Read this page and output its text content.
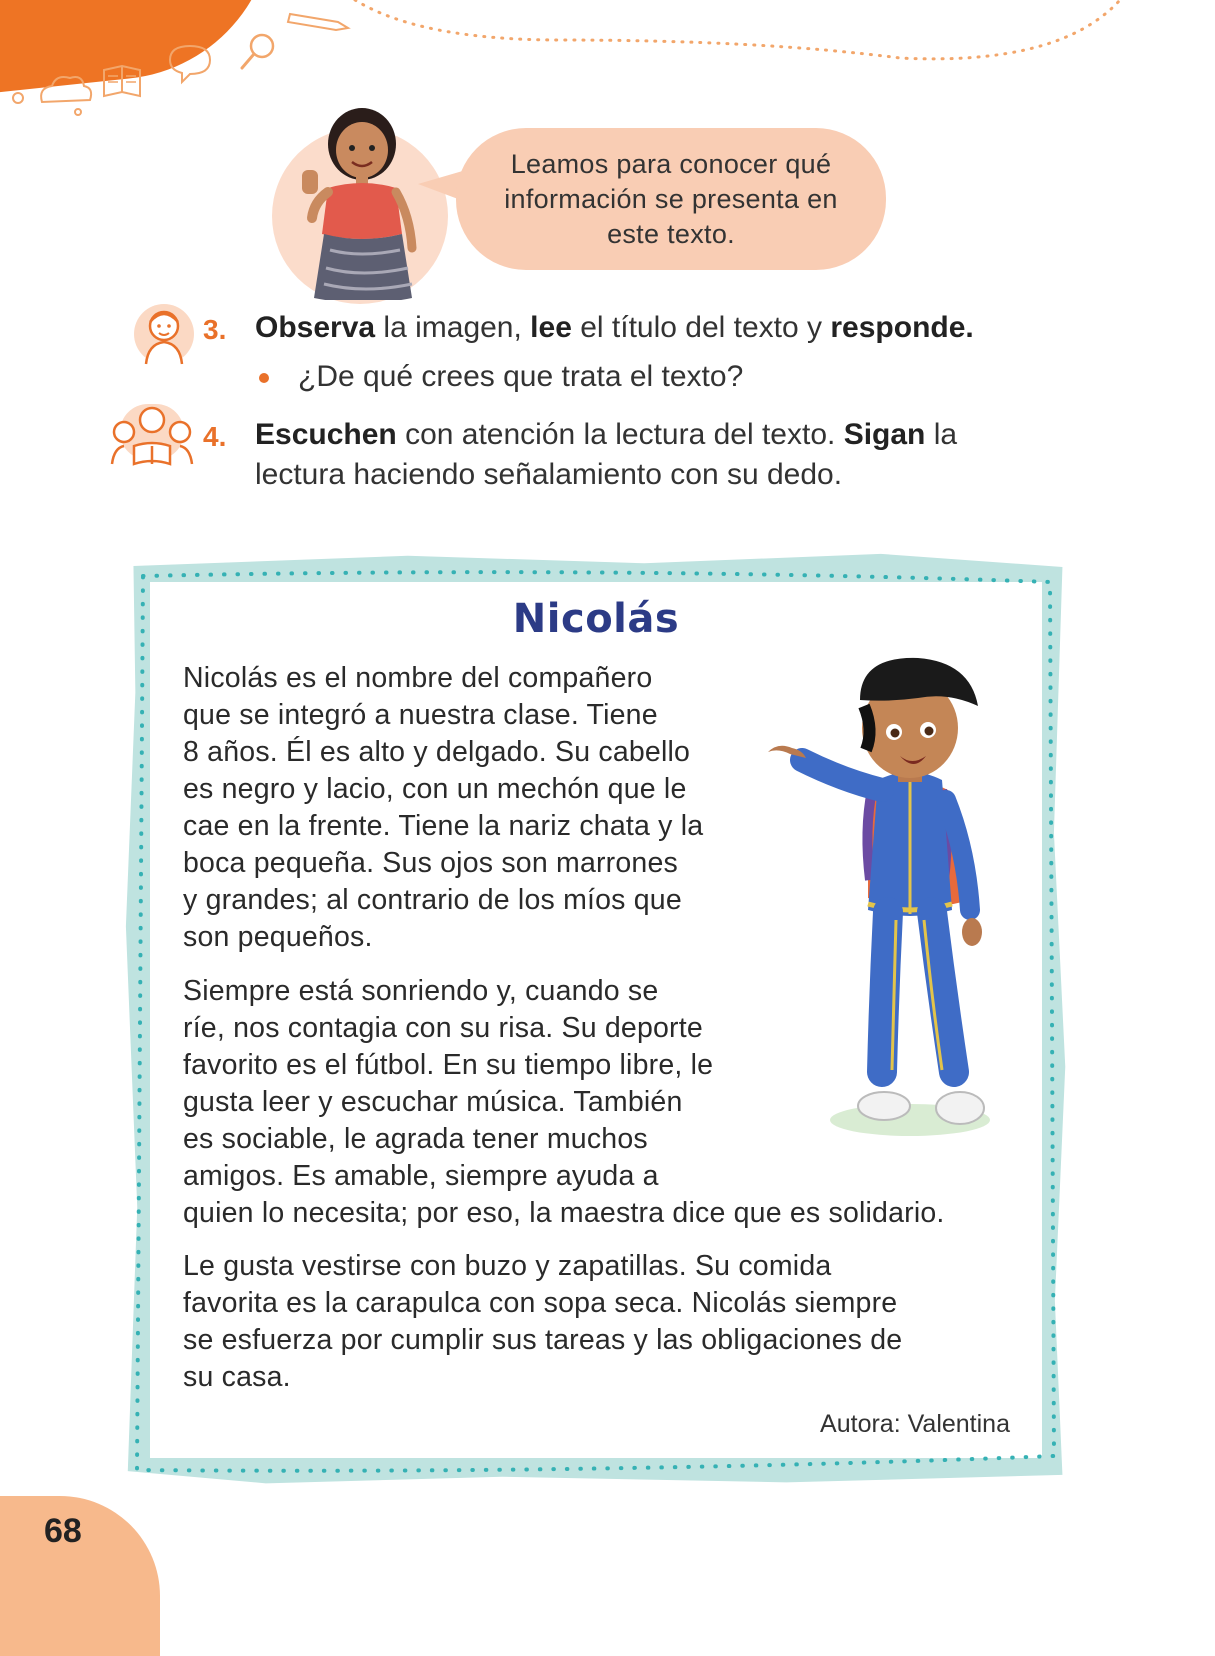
Leamos para conocer qué información se presenta en este texto.
3. Observa la imagen, lee el título del texto y responde.
¿De qué crees que trata el texto?
4. Escuchen con atención la lectura del texto. Sigan la
lectura haciendo señalamiento con su dedo.
Nicolás
Nicolás es el nombre del compañero
que se integró a nuestra clase. Tiene
8 años. Él es alto y delgado. Su cabello
es negro y lacio, con un mechón que le
cae en la frente. Tiene la nariz chata y la
boca pequeña. Sus ojos son marrones
y grandes; al contrario de los míos que
son pequeños.
Siempre está sonriendo y, cuando se
ríe, nos contagia con su risa. Su deporte
favorito es el fútbol. En su tiempo libre, le
gusta leer y escuchar música. También
es sociable, le agrada tener muchos
amigos. Es amable, siempre ayuda a
quien lo necesita; por eso, la maestra dice que es solidario.
Le gusta vestirse con buzo y zapatillas. Su comida
favorita es la carapulca con sopa seca. Nicolás siempre
se esfuerza por cumplir sus tareas y las obligaciones de
su casa.
Autora: Valentina
68
